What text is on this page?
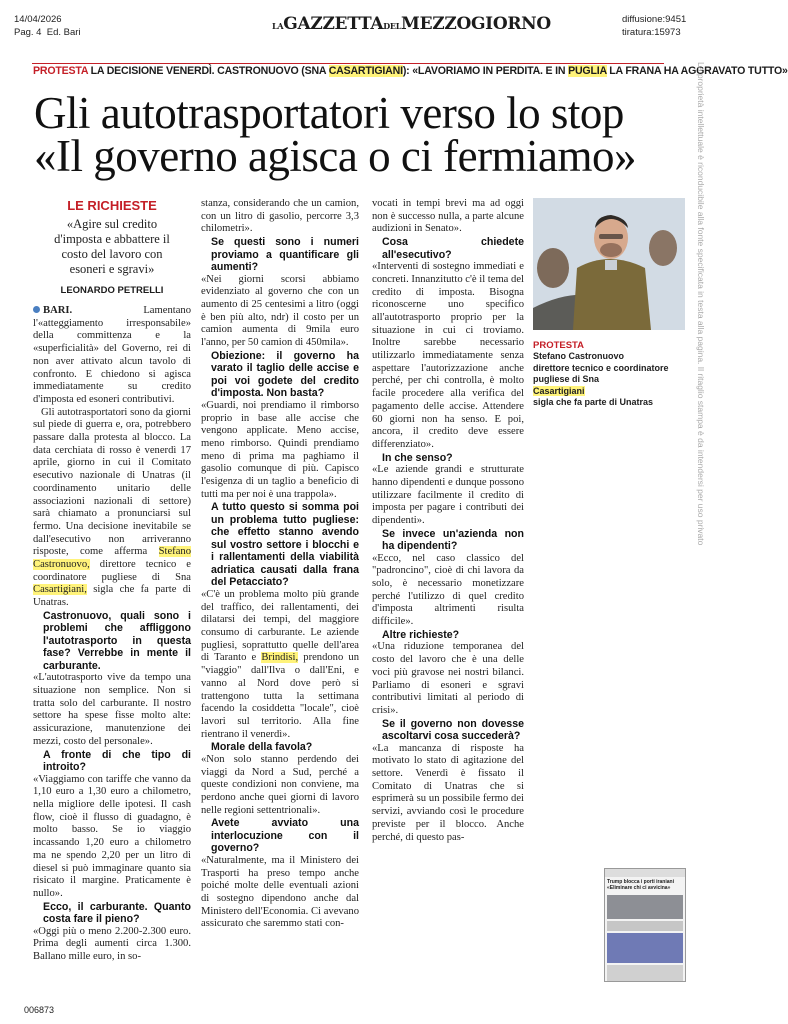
14/04/2026
Pag. 4 Ed. Bari
LAGAZZETTADELMEZZOGIORNO	diffusione:9451
tiratura:15973
PROTESTA LA DECISIONE VENERDÌ. CASTRONUOVO (SNA CASARTIGIANI): «LAVORIAMO IN PERDITA. E IN PUGLIA LA FRANA HA AGGRAVATO TUTTO»
Gli autotrasportatori verso lo stop
«Il governo agisca o ci fermiamo»
LE RICHIESTE
«Agire sul credito d'imposta e abbattere il costo del lavoro con esoneri e sgravi»
LEONARDO PETRELLI

BARI. Lamentano l'«atteggiamento irresponsabile» della committenza e la «superficialità» del Governo, rei di non aver attivato alcun tavolo di confronto. E chiedono si agisca immediatamente su credito d'imposta ed esoneri contributivi.

Gli autotrasportatori sono da giorni sul piede di guerra e, ora, potrebbero passare dalla protesta al blocco. La data cerchiata di rosso è venerdì 17 aprile, giorno in cui il Comitato esecutivo nazionale di Unatras (il coordinamento unitario delle associazioni nazionali di settore) sarà chiamato a pronunciarsi sul fermo. Una decisione inevitabile se dall'esecutivo non arriveranno risposte, come afferma Stefano Castronuovo, direttore tecnico e coordinatore pugliese di Sna Casartigiani, sigla che fa parte di Unatras.

Castronuovo, quali sono i problemi che affliggono l'autotrasporto in questa fase? Verrebbe in mente il carburante.

«L'autotrasporto vive da tempo una situazione non semplice. Non si tratta solo del carburante. Il nostro settore ha spese fisse molto alte: assicurazione, manutenzione dei mezzi, costo del personale».

A fronte di che tipo di introito?

«Viaggiamo con tariffe che vanno da 1,10 euro a 1,30 euro a chilometro, nella migliore delle ipotesi. Il cash flow, cioè il flusso di guadagno, è molto basso. Se io viaggio incassando 1,20 euro a chilometro ma ne spendo 2,20 per un litro di diesel si può immaginare quanto sia risicato il margine. Praticamente è nullo».

Ecco, il carburante. Quanto costa fare il pieno?

«Oggi più o meno 2.200-2.300 euro. Prima degli aumenti circa 1.300. Ballano mille euro, in so-

stanza, considerando che un camion, con un litro di gasolio, percorre 3,3 chilometri».

Se questi sono i numeri proviamo a quantificare gli aumenti?

«Nei giorni scorsi abbiamo evidenziato al governo che con un aumento di 25 centesimi a litro (oggi è ben più alto, ndr) il costo per un camion aumenta di 9mila euro l'anno, per 50 camion di 450mila».

Obiezione: il governo ha varato il taglio delle accise e poi voi godete del credito d'imposta. Non basta?

«Guardi, noi prendiamo il rimborso proprio in base alle accise che vengono applicate. Meno accise, meno rimborso. Quindi prendiamo meno di prima ma paghiamo il gasolio comunque di più. Capisco l'esigenza di un taglio a beneficio di tutti ma per noi è una trappola».

A tutto questo si somma poi un problema tutto pugliese: che effetto stanno avendo sul vostro settore i blocchi e i rallentamenti della viabilità adriatica causati dalla frana del Petacciato?

«C'è un problema molto più grande del traffico, dei rallentamenti, dei dilatarsi dei tempi, del maggiore consumo di carburante. Le aziende pugliesi, soprattutto quelle dell'area di Taranto e Brindisi, prendono un "viaggio" dall'Ilva o dall'Eni, e vanno al Nord dove però si trattengono tutta la settimana facendo la cosiddetta "locale", cioè lavori sul territorio. Alla fine rientrano il venerdì».

Morale della favola?

«Non solo stanno perdendo dei viaggi da Nord a Sud, perché a queste condizioni non conviene, ma perdono anche quei giorni di lavoro nelle regioni settentrionali».

Avete avviato una interlocuzione con il governo?

«Naturalmente, ma il Ministero dei Trasporti ha preso tempo anche poiché molte delle eventuali azioni di sostegno dipendono anche dal Ministero dell'Economia. Ci avevano assicurato che saremmo stati con-

vocati in tempi brevi ma ad oggi non è successo nulla, a parte alcune audizioni in Senato».

Cosa chiedete all'esecutivo?

«Interventi di sostegno immediati e concreti. Innanzitutto c'è il tema del credito di imposta. Bisogna riconoscerne uno specifico all'autotrasporto proprio per la situazione in cui ci troviamo. Inoltre sarebbe necessario utilizzarlo immediatamente senza aspettare l'autorizzazione anche perché, per chi controlla, è molto facile procedere alla verifica del pagamento delle accise. Attendere 60 giorni non ha senso. E poi, ancora, il credito deve essere differenziato».

In che senso?

«Le aziende grandi e strutturate hanno dipendenti e dunque possono utilizzare facilmente il credito di imposta per pagare i contributi dei dipendenti».

Se invece un'azienda non ha dipendenti?

«Ecco, nel caso classico del "padroncino", cioè di chi lavora da solo, è necessario monetizzare perché l'utilizzo di quel credito d'imposta altrimenti risulta difficile».

Altre richieste?

«Una riduzione temporanea del costo del lavoro che è una delle voci più gravose nei nostri bilanci. Parliamo di esoneri e sgravi contributivi limitati al periodo di crisi».

Se il governo non dovesse ascoltarvi cosa succederà?

«La mancanza di risposte ha motivato lo stato di agitazione del settore. Venerdì è fissato il Comitato di Unatras che si esprimerà su un possibile fermo dei servizi, avviando così le procedure previste per il blocco. Anche perché, di questo pas-

PROTESTA
Stefano Castronuovo
direttore tecnico e coordinatore pugliese di Sna
Casartigiani
sigla che fa parte di Unatras
Trump blocca i porti iraniani «Eliminare chi ci avvicina»
La proprietà intellettuale è riconducibile alla fonte specificata in testa alla pagina. Il ritaglio stampa è da intendersi per uso privato
006873
